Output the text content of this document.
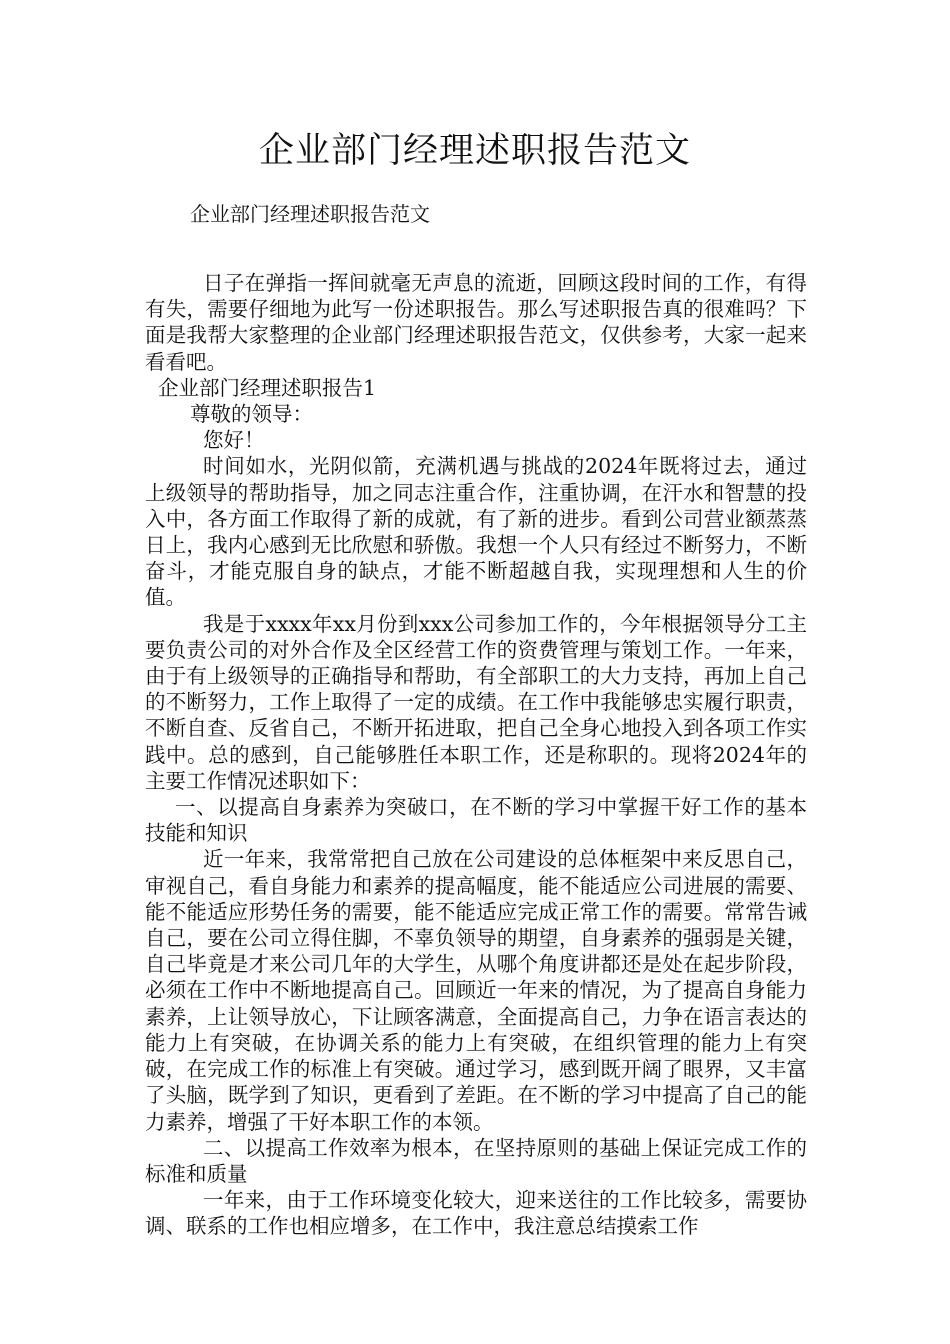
企业部门经理述职报告范文

企业部门经理述职报告范文

日子在弹指一挥间就毫无声息的流逝，回顾这段时间的工作，有得有失，需要仔细地为此写一份述职报告。那么写述职报告真的很难吗？下面是我帮大家整理的企业部门经理述职报告范文，仅供参考，大家一起来看看吧。

企业部门经理述职报告1

尊敬的领导：

您好！

时间如水，光阴似箭，充满机遇与挑战的2024年既将过去，通过上级领导的帮助指导，加之同志注重合作，注重协调，在汗水和智慧的投入中，各方面工作取得了新的成就，有了新的进步。看到公司营业额蒸蒸日上，我内心感到无比欣慰和骄傲。我想一个人只有经过不断努力，不断奋斗，才能克服自身的缺点，才能不断超越自我，实现理想和人生的价值。

我是于xxxx年xx月份到xxx公司参加工作的，今年根据领导分工主要负责公司的对外合作及全区经营工作的资费管理与策划工作。一年来，由于有上级领导的正确指导和帮助，有全部职工的大力支持，再加上自己的不断努力，工作上取得了一定的成绩。在工作中我能够忠实履行职责，不断自查、反省自己，不断开拓进取，把自己全身心地投入到各项工作实践中。总的感到，自己能够胜任本职工作，还是称职的。现将2024年的主要工作情况述职如下：

一、以提高自身素养为突破口，在不断的学习中掌握干好工作的基本技能和知识

近一年来，我常常把自己放在公司建设的总体框架中来反思自己，审视自己，看自身能力和素养的提高幅度，能不能适应公司进展的需要、能不能适应形势任务的需要，能不能适应完成正常工作的需要。常常告诫自己，要在公司立得住脚，不辜负领导的期望，自身素养的强弱是关键，自己毕竟是才来公司几年的大学生，从哪个角度讲都还是处在起步阶段，必须在工作中不断地提高自己。回顾近一年来的情况，为了提高自身能力素养，上让领导放心，下让顾客满意，全面提高自己，力争在语言表达的能力上有突破，在协调关系的能力上有突破，在组织管理的能力上有突破，在完成工作的标准上有突破。通过学习，感到既开阔了眼界，又丰富了头脑，既学到了知识，更看到了差距。在不断的学习中提高了自己的能力素养，增强了干好本职工作的本领。

二、以提高工作效率为根本，在坚持原则的基础上保证完成工作的标准和质量

一年来，由于工作环境变化较大，迎来送往的工作比较多，需要协调、联系的工作也相应增多，在工作中，我注意总结摸索工作
